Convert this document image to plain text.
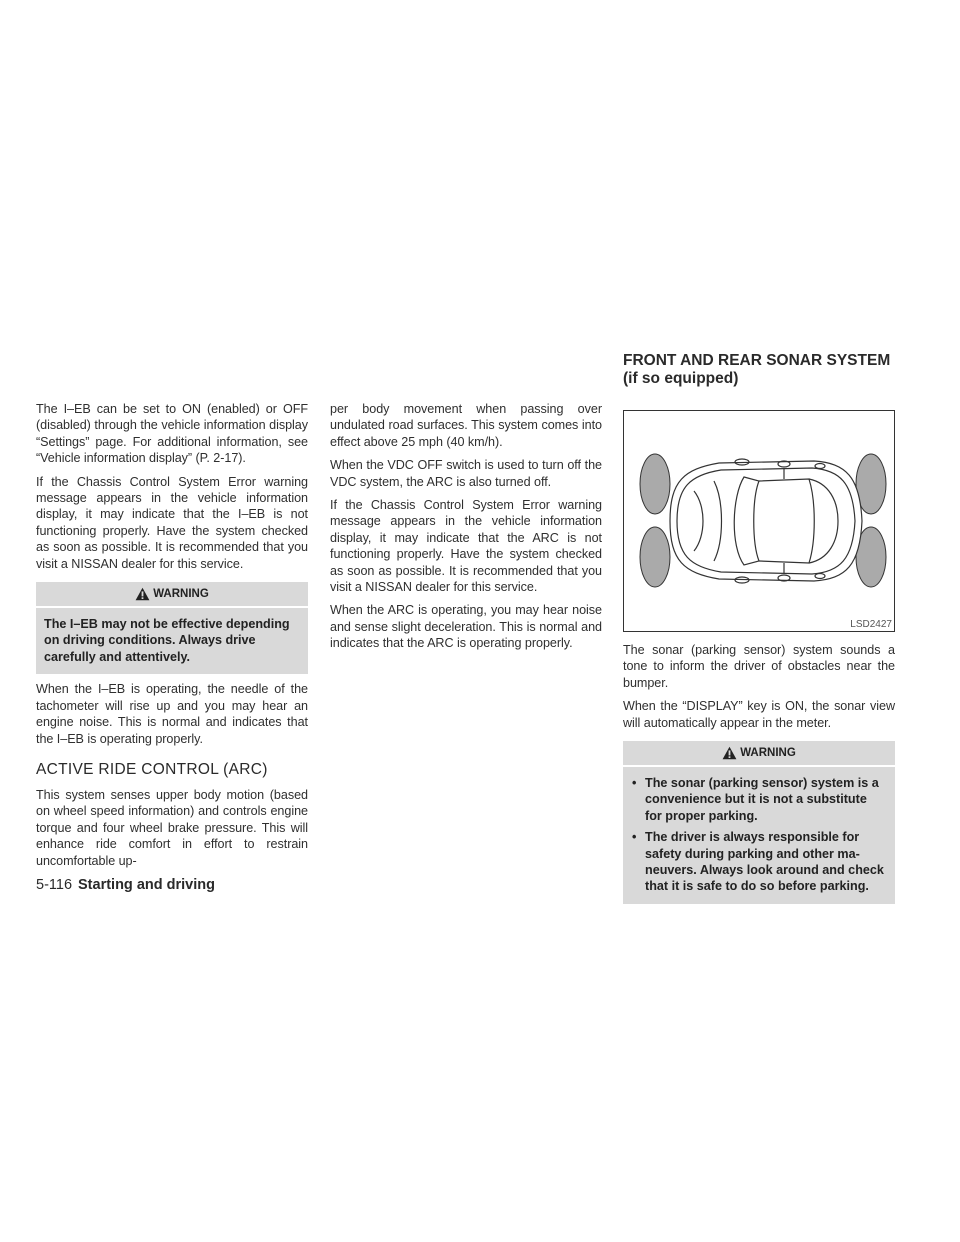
The I–EB can be set to ON (enabled) or OFF (disabled) through the vehicle information display “Settings” page. For additional information, see “Vehicle information display” (P. 2-17).

If the Chassis Control System Error warning message appears in the vehicle information display, it may indicate that the I–EB is not functioning properly. Have the system checked as soon as possible. It is recommended that you visit a NISSAN dealer for this service.

WARNING
The I–EB may not be effective depending on driving conditions. Always drive carefully and attentively.

When the I–EB is operating, the needle of the tachometer will rise up and you may hear an engine noise. This is normal and indicates that the I–EB is operating properly.

ACTIVE RIDE CONTROL (ARC)

This system senses upper body motion (based on wheel speed information) and controls engine torque and four wheel brake pressure. This will enhance ride comfort in effort to restrain uncomfortable up-

per body movement when passing over undulated road surfaces. This system comes into effect above 25 mph (40 km/h).

When the VDC OFF switch is used to turn off the VDC system, the ARC is also turned off.

If the Chassis Control System Error warning message appears in the vehicle information display, it may indicate that the ARC is not functioning properly. Have the system checked as soon as possible. It is recommended that you visit a NISSAN dealer for this service.

When the ARC is operating, you may hear noise and sense slight deceleration. This is normal and indicates that the ARC is operating properly.

FRONT AND REAR SONAR SYSTEM (if so equipped)
LSD2427

The sonar (parking sensor) system sounds a tone to inform the driver of obstacles near the bumper.

When the “DISPLAY” key is ON, the sonar view will automatically appear in the meter.

WARNING
• The sonar (parking sensor) system is a convenience but it is not a substitute for proper parking.
• The driver is always responsible for safety during parking and other maneuvers. Always look around and check that it is safe to do so before parking.
5-116 Starting and driving
